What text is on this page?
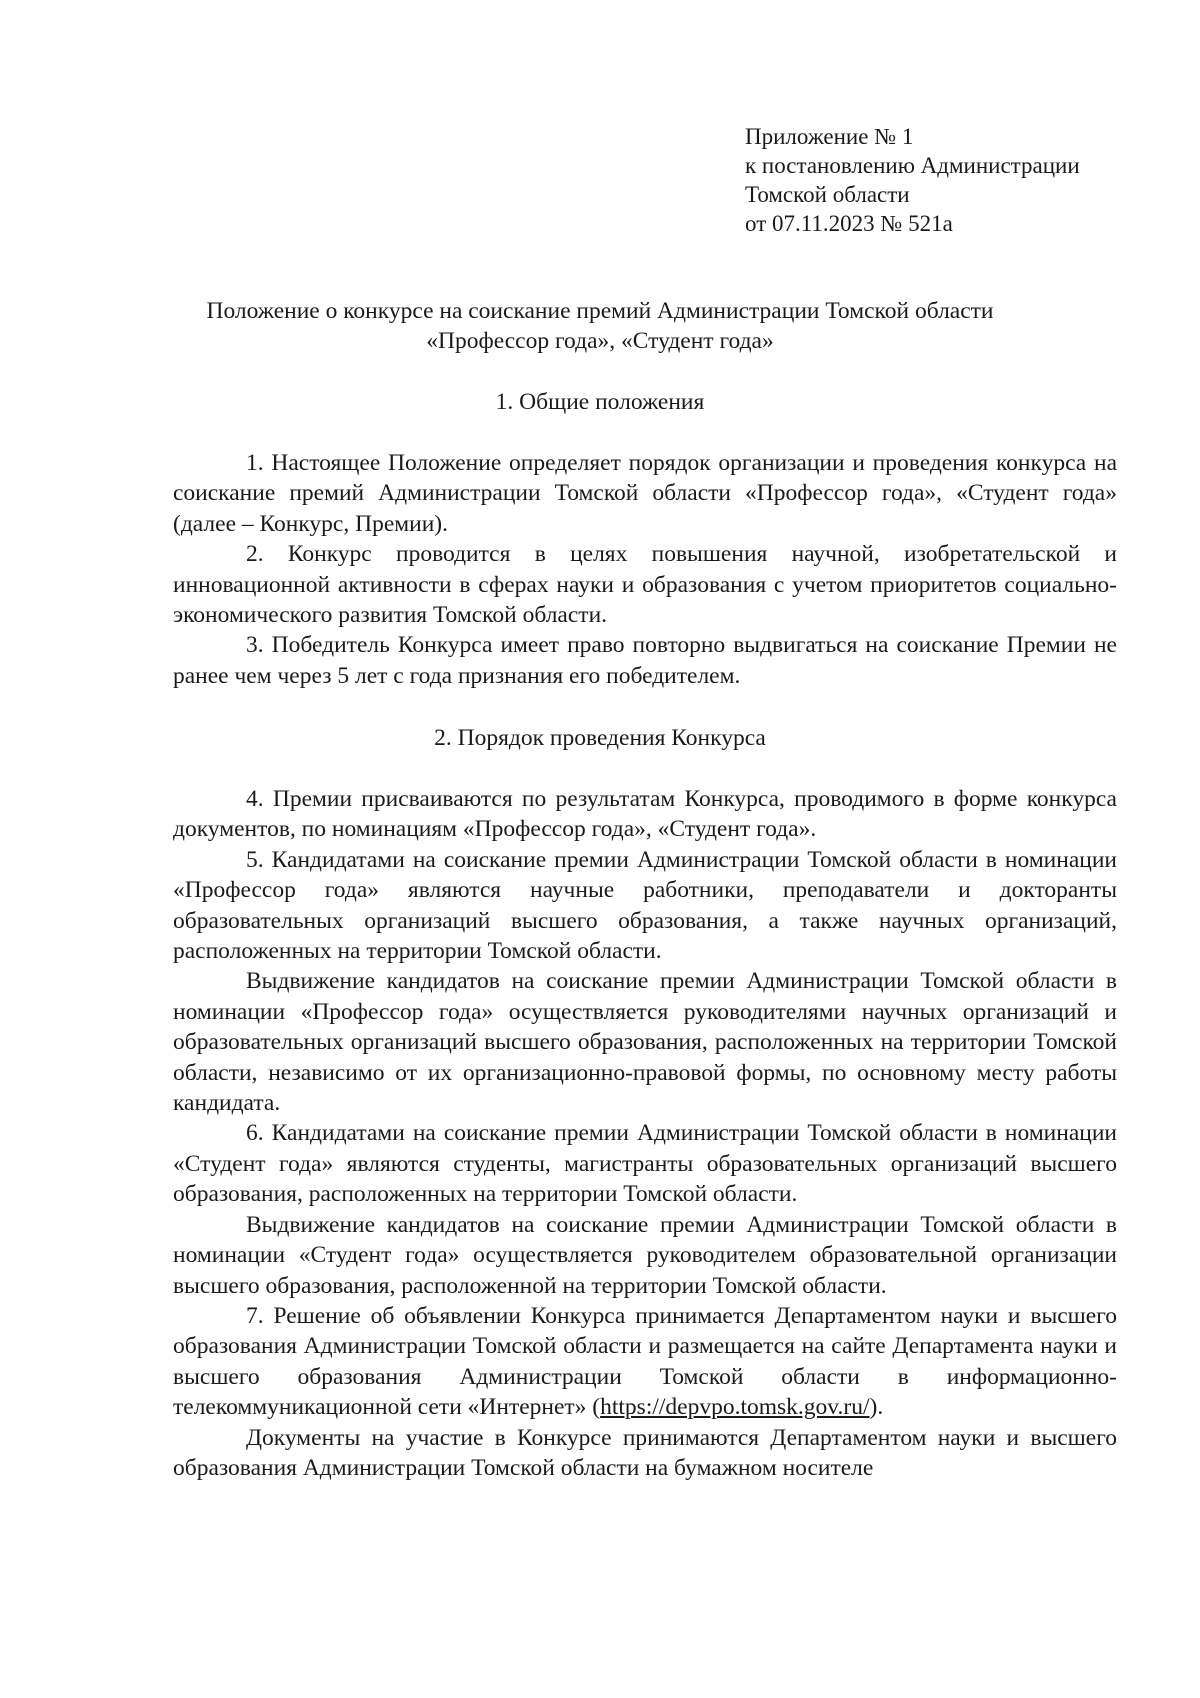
Приложение № 1
к постановлению Администрации
Томской области
от 07.11.2023 № 521а
Положение о конкурсе на соискание премий Администрации Томской области
«Профессор года», «Студент года»
1. Общие положения

1. Настоящее Положение определяет порядок организации и проведения конкурса на соискание премий Администрации Томской области «Профессор года», «Студент года» (далее – Конкурс, Премии).

2. Конкурс проводится в целях повышения научной, изобретательской и инновационной активности в сферах науки и образования с учетом приоритетов социально-экономического развития Томской области.

3. Победитель Конкурса имеет право повторно выдвигаться на соискание Премии не ранее чем через 5 лет с года признания его победителем.

2. Порядок проведения Конкурса

4. Премии присваиваются по результатам Конкурса, проводимого в форме конкурса документов, по номинациям «Профессор года», «Студент года».

5. Кандидатами на соискание премии Администрации Томской области в номинации «Профессор года» являются научные работники, преподаватели и докторанты образовательных организаций высшего образования, а также научных организаций, расположенных на территории Томской области.

Выдвижение кандидатов на соискание премии Администрации Томской области в номинации «Профессор года» осуществляется руководителями научных организаций и образовательных организаций высшего образования, расположенных на территории Томской области, независимо от их организационно-правовой формы, по основному месту работы кандидата.

6. Кандидатами на соискание премии Администрации Томской области в номинации «Студент года» являются студенты, магистранты образовательных организаций высшего образования, расположенных на территории Томской области.

Выдвижение кандидатов на соискание премии Администрации Томской области в номинации «Студент года» осуществляется руководителем образовательной организации высшего образования, расположенной на территории Томской области.

7. Решение об объявлении Конкурса принимается Департаментом науки и высшего образования Администрации Томской области и размещается на сайте Департамента науки и высшего образования Администрации Томской области в информационно-телекоммуникационной сети «Интернет» (https://depvpo.tomsk.gov.ru/).

Документы на участие в Конкурсе принимаются Департаментом науки и высшего образования Администрации Томской области на бумажном носителе
